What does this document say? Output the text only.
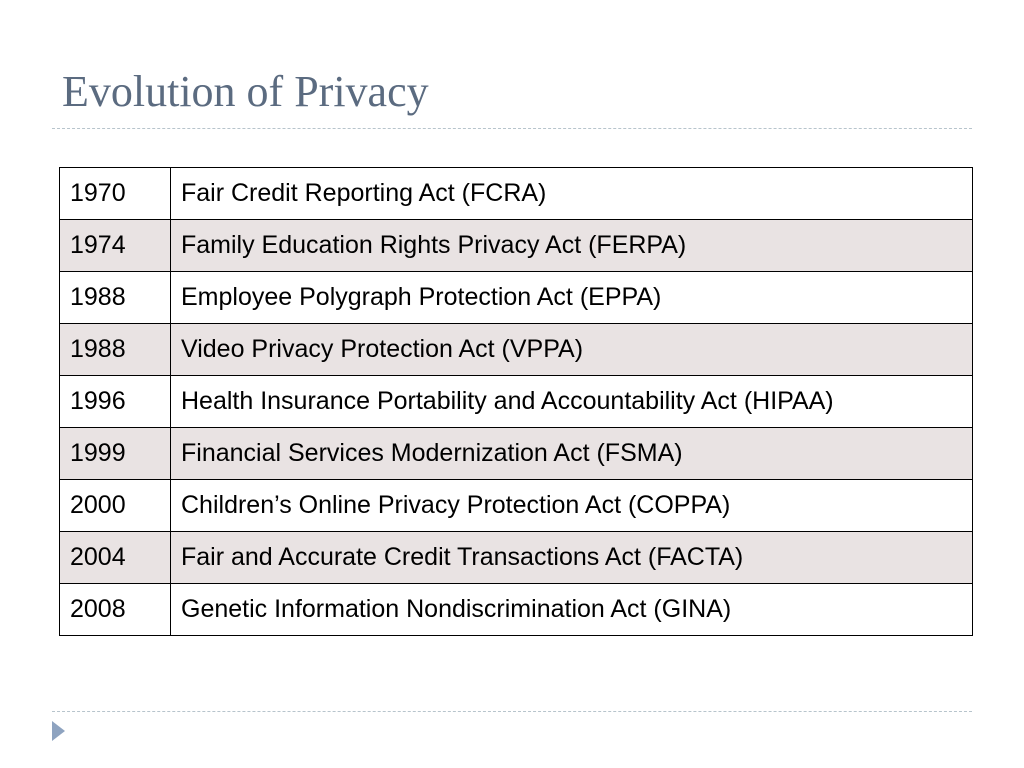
Evolution of Privacy
1970	Fair Credit Reporting Act (FCRA)
1974	Family Education Rights Privacy Act (FERPA)
1988	Employee Polygraph Protection Act (EPPA)
1988	Video Privacy Protection Act (VPPA)
1996	Health Insurance Portability and Accountability Act (HIPAA)
1999	Financial Services Modernization Act (FSMA)
2000	Children’s Online Privacy Protection Act (COPPA)
2004	Fair and Accurate Credit Transactions Act (FACTA)
2008	Genetic Information Nondiscrimination Act (GINA)
